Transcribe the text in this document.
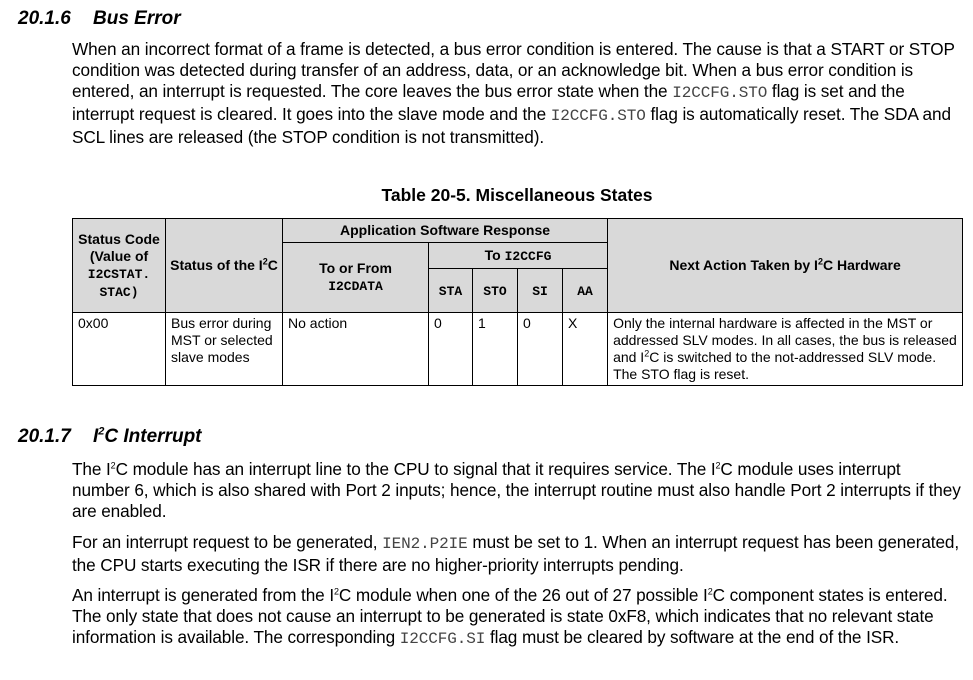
20.1.6 Bus Error
When an incorrect format of a frame is detected, a bus error condition is entered. The cause is that a START or STOP condition was detected during transfer of an address, data, or an acknowledge bit. When a bus error condition is entered, an interrupt is requested. The core leaves the bus error state when the I2CCFG.STO flag is set and the interrupt request is cleared. It goes into the slave mode and the I2CCFG.STO flag is automatically reset. The SDA and SCL lines are released (the STOP condition is not transmitted).
Table 20-5. Miscellaneous States
Status Code (Value of
I2CSTAT. STAC)	Status of the $I^2C$	Application Software Response					Next Action Taken by $I^2C$ Hardware
		To or From
I2CDATA	To I2CCFG				
			STA	STO	SI	AA	
0x00	Bus error during MST or selected slave modes	No action	0	1	0	X	Only the internal hardware is affected in the MST or addressed SLV modes. In all cases, the bus is released and $I^2C$ is switched to the not-addressed SLV mode. The STO flag is reset.
20.1.7 $I^2C$ Interrupt
The $I^2C$ module has an interrupt line to the CPU to signal that it requires service. The $I^2C$ module uses interrupt number 6, which is also shared with Port 2 inputs; hence, the interrupt routine must also handle Port 2 interrupts if they are enabled.
For an interrupt request to be generated, IEN2.P2IE must be set to 1. When an interrupt request has been generated, the CPU starts executing the ISR if there are no higher-priority interrupts pending.
An interrupt is generated from the $I^2C$ module when one of the 26 out of 27 possible $I^2C$ component states is entered. The only state that does not cause an interrupt to be generated is state 0xF8, which indicates that no relevant state information is available. The corresponding I2CCFG.SI flag must be cleared by software at the end of the ISR.
